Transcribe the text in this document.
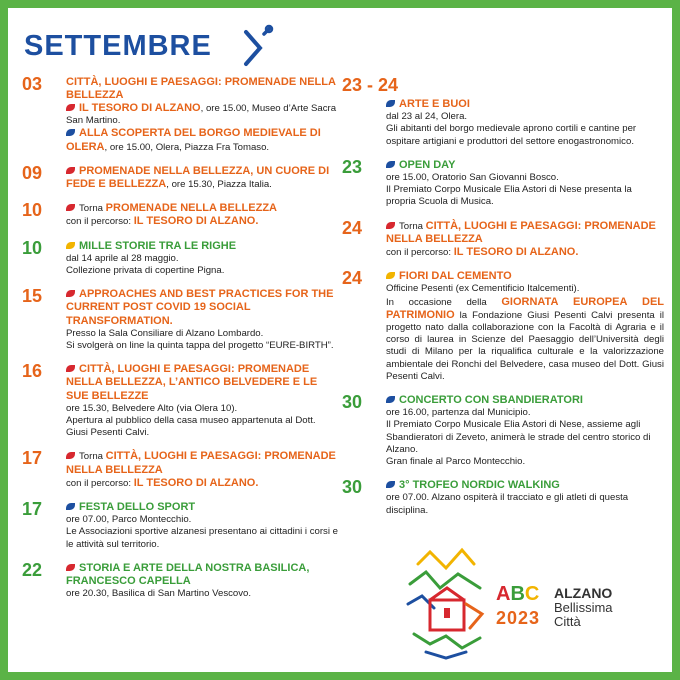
SETTEMBRE
03 CITTÀ, LUOGHI E PAESAGGI: PROMENADE NELLA BELLEZZA
IL TESORO DI ALZANO, ore 15.00, Museo d’Arte Sacra San Martino.
ALLA SCOPERTA DEL BORGO MEDIEVALE DI OLERA, ore 15.00, Olera, Piazza Fra Tomaso.
09	PROMENADE NELLA BELLEZZA, UN CUORE DI FEDE E BELLEZZA, ore 15.30, Piazza Italia.
10	Torna PROMENADE NELLA BELLEZZA
con il percorso: IL TESORO DI ALZANO.
10	MILLE STORIE TRA LE RIGHE
dal 14 aprile al 28 maggio.
Collezione privata di copertine Pigna.
15	APPROACHES AND BEST PRACTICES FOR THE CURRENT POST COVID 19 SOCIAL TRANSFORMATION.
Presso la Sala Consiliare di Alzano Lombardo.
Si svolgerà on line la quinta tappa del progetto “EURE-BIRTH”.
16	CITTÀ, LUOGHI E PAESAGGI: PROMENADE NELLA BELLEZZA, L’ANTICO BELVEDERE E LE SUE BELLEZZE
ore 15.30, Belvedere Alto (via Olera 10).
Apertura al pubblico della casa museo appartenuta al Dott. Giusi Pesenti Calvi.
17	Torna CITTÀ, LUOGHI E PAESAGGI: PROMENADE NELLA BELLEZZA
con il percorso: IL TESORO DI ALZANO.
17	FESTA DELLO SPORT
ore 07.00, Parco Montecchio.
Le Associazioni sportive alzanesi presentano ai cittadini i corsi e le attività sul territorio.
22	STORIA E ARTE DELLA NOSTRA BASILICA, FRANCESCO CAPELLA
ore 20.30, Basilica di San Martino Vescovo.
23 - 24
ARTE E BUOI
dal 23 al 24, Olera.
Gli abitanti del borgo medievale aprono cortili e cantine per ospitare artigiani e produttori del settore enogastronomico.
23	OPEN DAY
ore 15.00, Oratorio San Giovanni Bosco.
Il Premiato Corpo Musicale Elia Astori di Nese presenta la propria Scuola di Musica.
24	Torna CITTÀ, LUOGHI E PAESAGGI: PROMENADE NELLA BELLEZZA
con il percorso: IL TESORO DI ALZANO.
24	FIORI DAL CEMENTO
Officine Pesenti (ex Cementificio Italcementi).
In occasione della GIORNATA EUROPEA DEL PATRIMONIO la Fondazione Giusi Pesenti Calvi presenta il progetto nato dalla collaborazione con la Facoltà di Agraria e il corso di laurea in Scienze del Paesaggio dell’Università degli studi di Milano per la riqualifica culturale e la valorizzazione ambientale dei Ronchi del Belvedere, casa museo del Dott. Giusi Pesenti Calvi.
30	CONCERTO CON SBANDIERATORI
ore 16.00, partenza dal Municipio.
Il Premiato Corpo Musicale Elia Astori di Nese, assieme agli Sbandieratori di Zeveto, animerà le strade del centro storico di Alzano.
Gran finale al Parco Montecchio.
30	3° TROFEO NORDIC WALKING
ore 07.00. Alzano ospiterà il tracciato e gli atleti di questa disciplina.
ABC
2023
ALZANO
Bellissima
Città
